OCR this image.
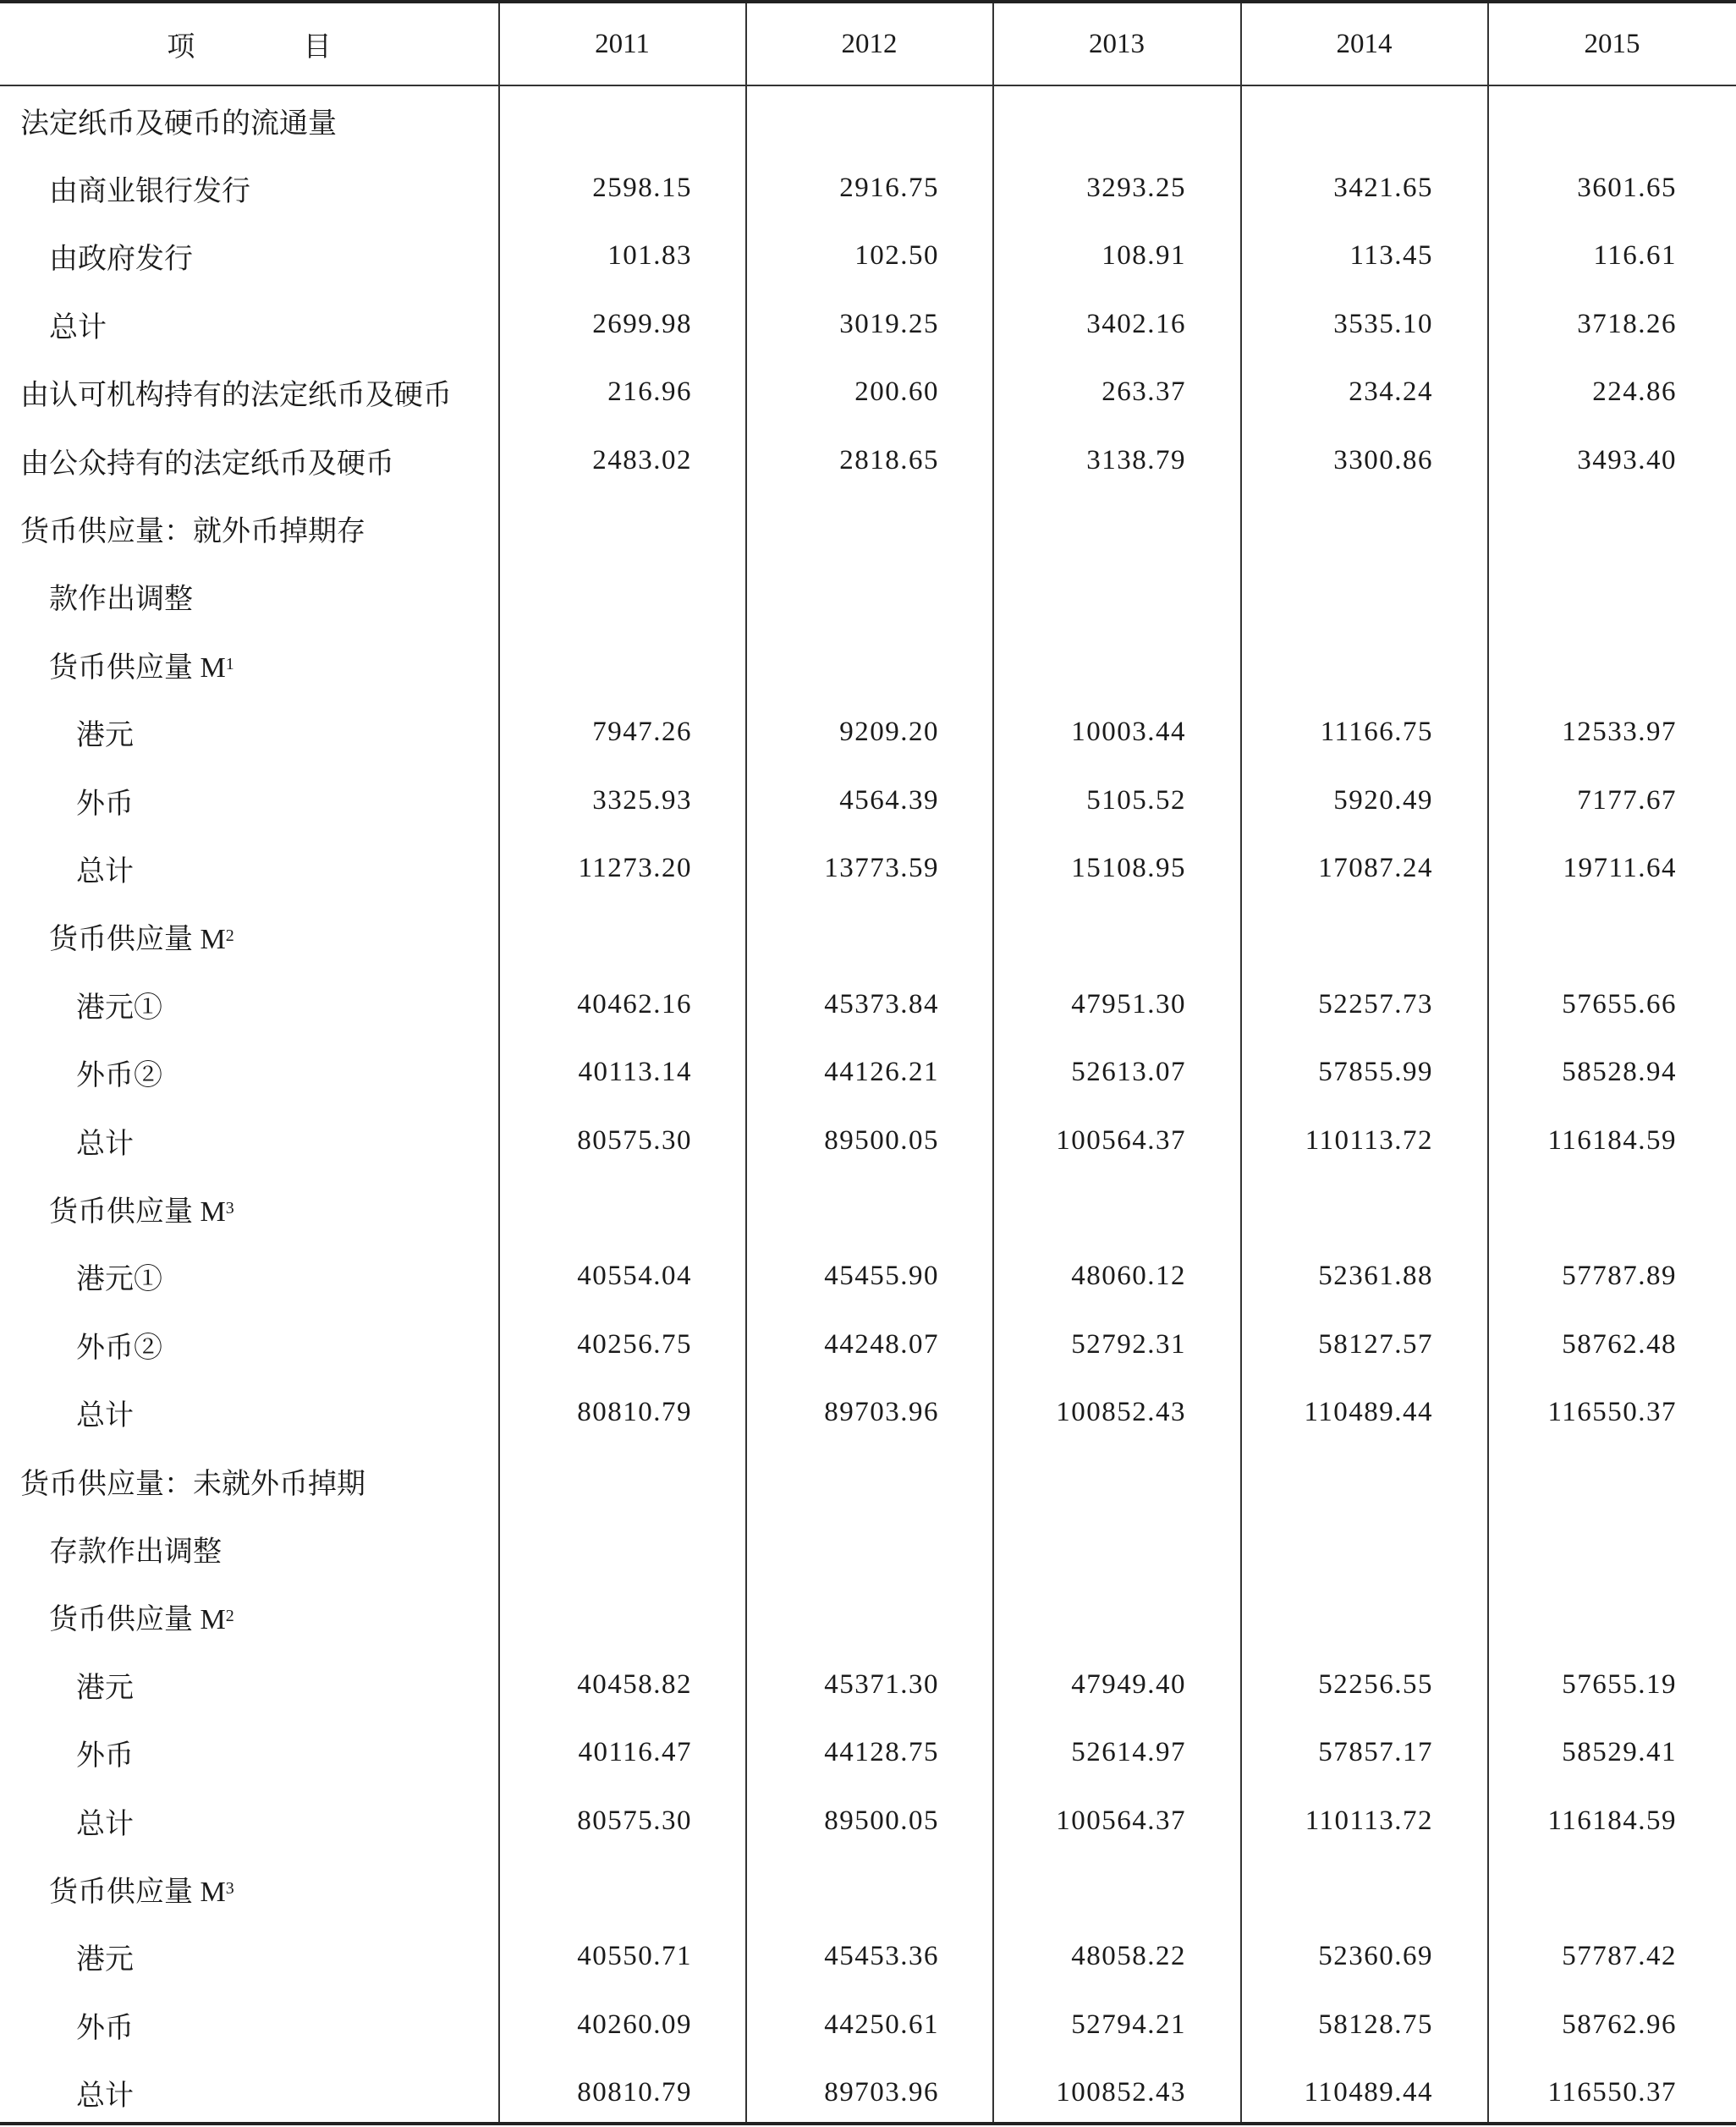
项 目	2011	2012	2013	2014	2015
法定纸币及硬币的流通量
由商业银行发行	2598.15	2916.75	3293.25	3421.65	3601.65
由政府发行	101.83	102.50	108.91	113.45	116.61
总计	2699.98	3019.25	3402.16	3535.10	3718.26
由认可机构持有的法定纸币及硬币	216.96	200.60	263.37	234.24	224.86
由公众持有的法定纸币及硬币	2483.02	2818.65	3138.79	3300.86	3493.40
货币供应量：就外币掉期存
款作出调整
货币供应量 M 1
港元	7947.26	9209.20	10003.44	11166.75	12533.97
外币	3325.93	4564.39	5105.52	5920.49	7177.67
总计	11273.20	13773.59	15108.95	17087.24	19711.64
货币供应量 M 2
港元①	40462.16	45373.84	47951.30	52257.73	57655.66
外币②	40113.14	44126.21	52613.07	57855.99	58528.94
总计	80575.30	89500.05	100564.37	110113.72	116184.59
货币供应量 M 3
港元①	40554.04	45455.90	48060.12	52361.88	57787.89
外币②	40256.75	44248.07	52792.31	58127.57	58762.48
总计	80810.79	89703.96	100852.43	110489.44	116550.37
货币供应量：未就外币掉期
存款作出调整
货币供应量 M 2
港元	40458.82	45371.30	47949.40	52256.55	57655.19
外币	40116.47	44128.75	52614.97	57857.17	58529.41
总计	80575.30	89500.05	100564.37	110113.72	116184.59
货币供应量 M 3
港元	40550.71	45453.36	48058.22	52360.69	57787.42
外币	40260.09	44250.61	52794.21	58128.75	58762.96
总计	80810.79	89703.96	100852.43	110489.44	116550.37
